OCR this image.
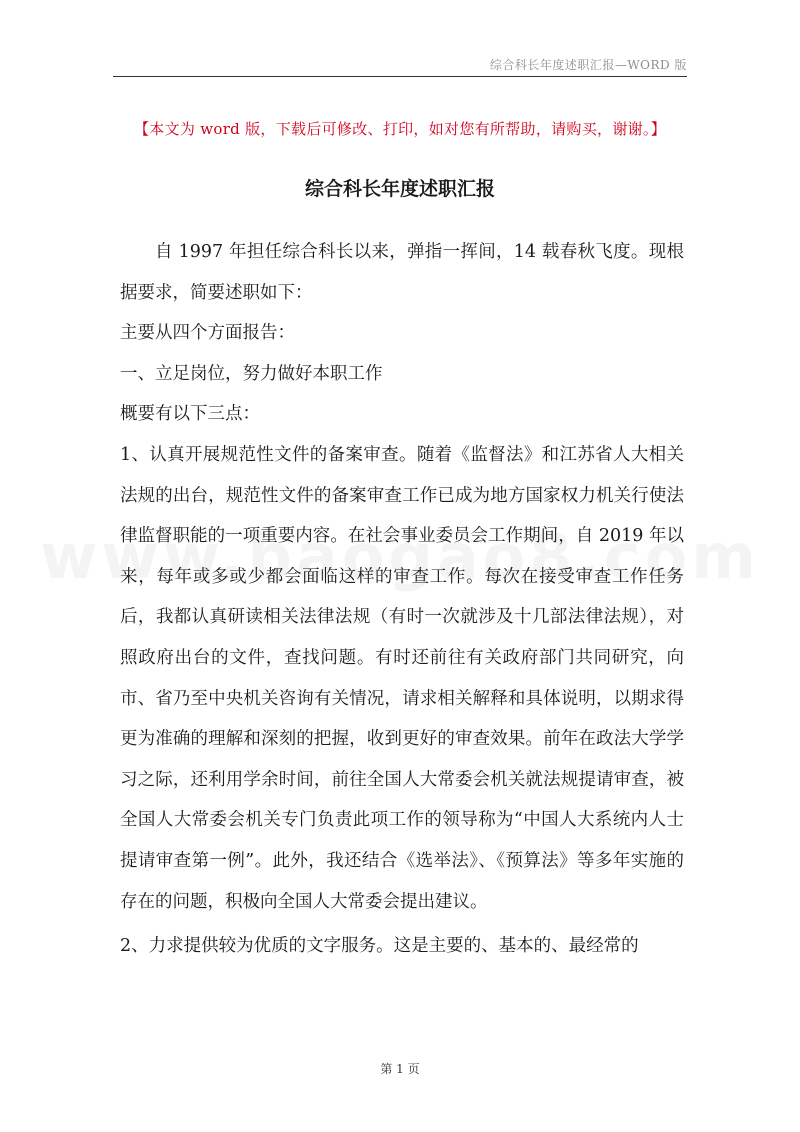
综合科长年度述职汇报—WORD 版
【本文为 word 版，下载后可修改、打印，如对您有所帮助，请购买，谢谢。】
综合科长年度述职汇报

自 1997 年担任综合科长以来，弹指一挥间，14 载春秋飞度。现根据要求，简要述职如下：

主要从四个方面报告：

一、立足岗位，努力做好本职工作

概要有以下三点：

1、认真开展规范性文件的备案审查。随着《监督法》和江苏省人大相关法规的出台，规范性文件的备案审查工作已成为地方国家权力机关行使法律监督职能的一项重要内容。在社会事业委员会工作期间，自 2019 年以来，每年或多或少都会面临这样的审查工作。每次在接受审查工作任务后，我都认真研读相关法律法规（有时一次就涉及十几部法律法规），对照政府出台的文件，查找问题。有时还前往有关政府部门共同研究，向市、省乃至中央机关咨询有关情况，请求相关解释和具体说明，以期求得更为准确的理解和深刻的把握，收到更好的审查效果。前年在政法大学学习之际，还利用学余时间，前往全国人大常委会机关就法规提请审查，被全国人大常委会机关专门负责此项工作的领导称为“中国人大系统内人士提请审查第一例”。此外，我还结合《选举法》、《预算法》等多年实施的存在的问题，积极向全国人大常委会提出建议。

2、力求提供较为优质的文字服务。这是主要的、基本的、最经常的

第 1 页
